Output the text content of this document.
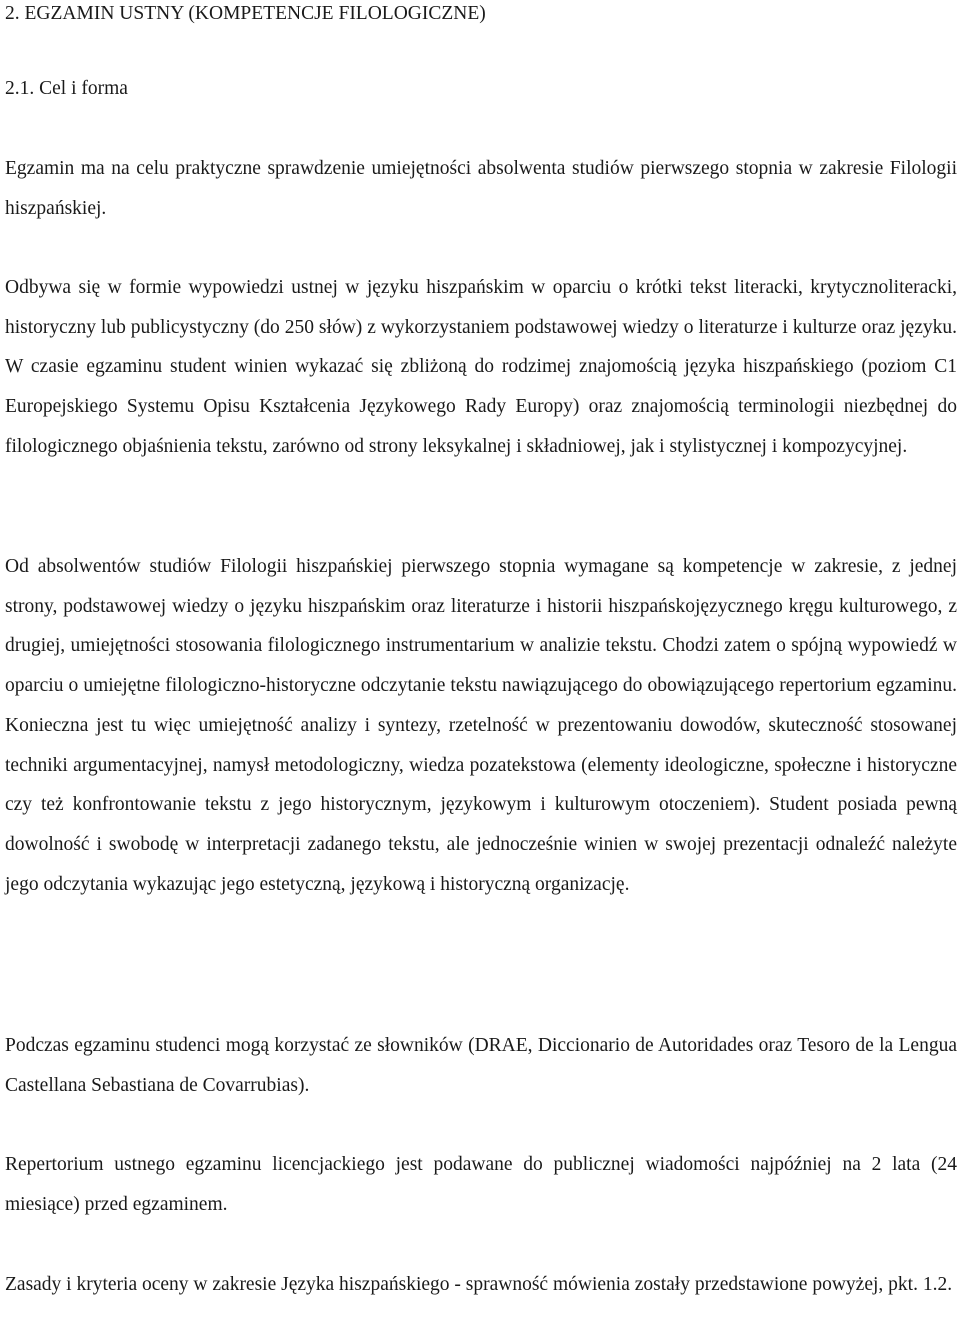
2. EGZAMIN USTNY (KOMPETENCJE FILOLOGICZNE)
2.1. Cel i forma

Egzamin ma na celu praktyczne sprawdzenie umiejętności absolwenta studiów pierwszego stopnia w zakresie Filologii hiszpańskiej.

Odbywa się w formie wypowiedzi ustnej w języku hiszpańskim w oparciu o krótki tekst literacki, krytycznoliteracki, historyczny lub publicystyczny (do 250 słów) z wykorzystaniem podstawowej wiedzy o literaturze i kulturze oraz języku. W czasie egzaminu student winien wykazać się zbliżoną do rodzimej znajomością języka hiszpańskiego (poziom C1 Europejskiego Systemu Opisu Kształcenia Językowego Rady Europy) oraz znajomością terminologii niezbędnej do filologicznego objaśnienia tekstu, zarówno od strony leksykalnej i składniowej, jak i stylistycznej i kompozycyjnej.

Od absolwentów studiów Filologii hiszpańskiej pierwszego stopnia wymagane są kompetencje w zakresie, z jednej strony, podstawowej wiedzy o języku hiszpańskim oraz literaturze i historii hiszpańskojęzycznego kręgu kulturowego, z drugiej, umiejętności stosowania filologicznego instrumentarium w analizie tekstu. Chodzi zatem o spójną wypowiedź w oparciu o umiejętne filologiczno-historyczne odczytanie tekstu nawiązującego do obowiązującego repertorium egzaminu. Konieczna jest tu więc umiejętność analizy i syntezy, rzetelność w prezentowaniu dowodów, skuteczność stosowanej techniki argumentacyjnej, namysł metodologiczny, wiedza pozatekstowa (elementy ideologiczne, społeczne i historyczne czy też konfrontowanie tekstu z jego historycznym, językowym i kulturowym otoczeniem). Student posiada pewną dowolność i swobodę w interpretacji zadanego tekstu, ale jednocześnie winien w swojej prezentacji odnaleźć należyte jego odczytania wykazując jego estetyczną, językową i historyczną organizację.

Podczas egzaminu studenci mogą korzystać ze słowników (DRAE, Diccionario de Autoridades oraz Tesoro de la Lengua Castellana Sebastiana de Covarrubias).

Repertorium ustnego egzaminu licencjackiego jest podawane do publicznej wiadomości najpóźniej na 2 lata (24 miesiące) przed egzaminem.

Zasady i kryteria oceny w zakresie Języka hiszpańskiego - sprawność mówienia zostały przedstawione powyżej, pkt. 1.2.
